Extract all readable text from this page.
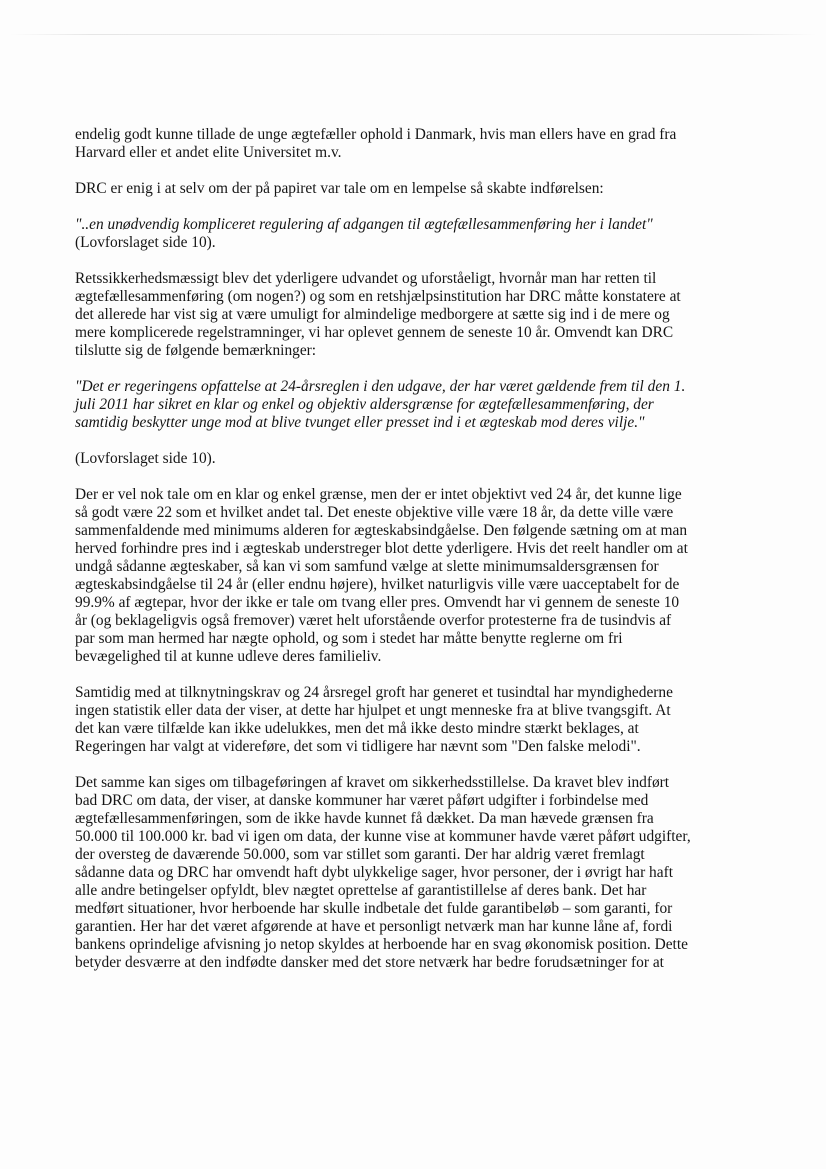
endelig godt kunne tillade de unge ægtefæller ophold i Danmark, hvis man ellers have en grad fra
Harvard eller et andet elite Universitet m.v.

DRC er enig i at selv om der på papiret var tale om en lempelse så skabte indførelsen:

"..en unødvendig kompliceret regulering af adgangen til ægtefællesammenføring her i landet"

(Lovforslaget side 10).

Retssikkerhedsmæssigt blev det yderligere udvandet og uforståeligt, hvornår man har retten til
ægtefællesammenføring (om nogen?) og som en retshjælpsinstitution har DRC måtte konstatere at
det allerede har vist sig at være umuligt for almindelige medborgere at sætte sig ind i de mere og
mere komplicerede regelstramninger, vi har oplevet gennem de seneste 10 år. Omvendt kan DRC
tilslutte sig de følgende bemærkninger:

"Det er regeringens opfattelse at 24-årsreglen i den udgave, der har været gældende frem til den 1.
juli 2011 har sikret en klar og enkel og objektiv aldersgrænse for ægtefællesammenføring, der
samtidig beskytter unge mod at blive tvunget eller presset ind i et ægteskab mod deres vilje."

(Lovforslaget side 10).

Der er vel nok tale om en klar og enkel grænse, men der er intet objektivt ved 24 år, det kunne lige
så godt være 22 som et hvilket andet tal. Det eneste objektive ville være 18 år, da dette ville være
sammenfaldende med minimums alderen for ægteskabsindgåelse. Den følgende sætning om at man
herved forhindre pres ind i ægteskab understreger blot dette yderligere. Hvis det reelt handler om at
undgå sådanne ægteskaber, så kan vi som samfund vælge at slette minimumsaldersgrænsen for
ægteskabsindgåelse til 24 år (eller endnu højere), hvilket naturligvis ville være uacceptabelt for de
99.9% af ægtepar, hvor der ikke er tale om tvang eller pres. Omvendt har vi gennem de seneste 10
år (og beklageligvis også fremover) været helt uforstående overfor protesterne fra de tusindvis af
par som man hermed har nægte ophold, og som i stedet har måtte benytte reglerne om fri
bevægelighed til at kunne udleve deres familieliv.

Samtidig med at tilknytningskrav og 24 årsregel groft har generet et tusindtal har myndighederne
ingen statistik eller data der viser, at dette har hjulpet et ungt menneske fra at blive tvangsgift. At
det kan være tilfælde kan ikke udelukkes, men det må ikke desto mindre stærkt beklages, at
Regeringen har valgt at videreføre, det som vi tidligere har nævnt som "Den falske melodi".

Det samme kan siges om tilbageføringen af kravet om sikkerhedsstillelse. Da kravet blev indført
bad DRC om data, der viser, at danske kommuner har været påført udgifter i forbindelse med
ægtefællesammenføringen, som de ikke havde kunnet få dækket. Da man hævede grænsen fra
50.000 til 100.000 kr. bad vi igen om data, der kunne vise at kommuner havde været påført udgifter,
der oversteg de daværende 50.000, som var stillet som garanti. Der har aldrig været fremlagt
sådanne data og DRC har omvendt haft dybt ulykkelige sager, hvor personer, der i øvrigt har haft
alle andre betingelser opfyldt, blev nægtet oprettelse af garantistillelse af deres bank. Det har
medført situationer, hvor herboende har skulle indbetale det fulde garantibeløb – som garanti, for
garantien. Her har det været afgørende at have et personligt netværk man har kunne låne af, fordi
bankens oprindelige afvisning jo netop skyldes at herboende har en svag økonomisk position. Dette
betyder desværre at den indfødte dansker med det store netværk har bedre forudsætninger for at
